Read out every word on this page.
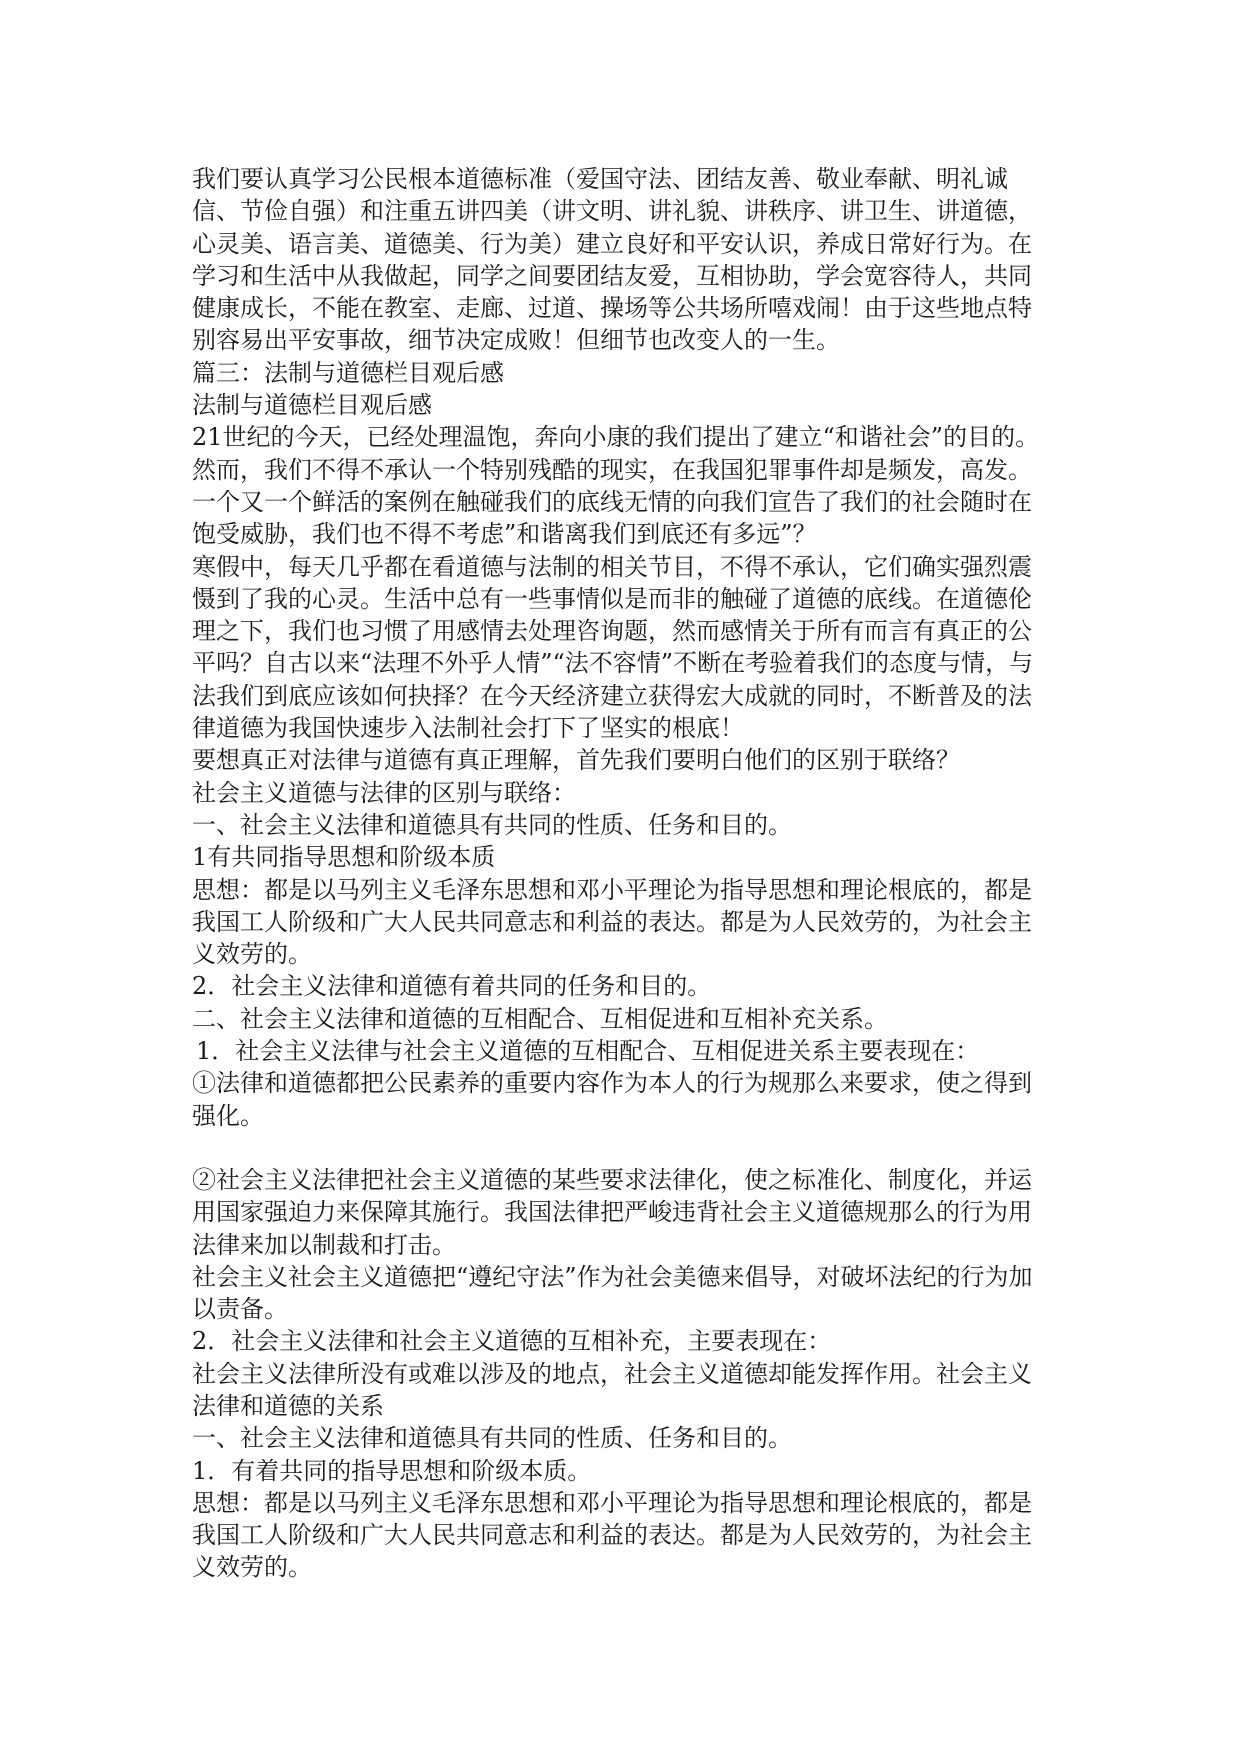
我们要认真学习公民根本道德标准（爱国守法、团结友善、敬业奉献、明礼诚信、节俭自强）和注重五讲四美（讲文明、讲礼貌、讲秩序、讲卫生、讲道德，心灵美、语言美、道德美、行为美）建立良好和平安认识，养成日常好行为。在学习和生活中从我做起，同学之间要团结友爱，互相协助，学会宽容待人，共同健康成长，不能在教室、走廊、过道、操场等公共场所嘻戏闹！由于这些地点特别容易出平安事故，细节决定成败！但细节也改变人的一生。

篇三：法制与道德栏目观后感

法制与道德栏目观后感

21世纪的今天，已经处理温饱，奔向小康的我们提出了建立“和谐社会”的目的。然而，我们不得不承认一个特别残酷的现实，在我国犯罪事件却是频发，高发。一个又一个鲜活的案例在触碰我们的底线无情的向我们宣告了我们的社会随时在饱受威胁，我们也不得不考虑”和谐离我们到底还有多远”？

寒假中，每天几乎都在看道德与法制的相关节目，不得不承认，它们确实强烈震慑到了我的心灵。生活中总有一些事情似是而非的触碰了道德的底线。在道德伦理之下，我们也习惯了用感情去处理咨询题，然而感情关于所有而言有真正的公平吗？自古以来“法理不外乎人情”“法不容情”不断在考验着我们的态度与情，与法我们到底应该如何抉择？在今天经济建立获得宏大成就的同时，不断普及的法律道德为我国快速步入法制社会打下了坚实的根底！

要想真正对法律与道德有真正理解，首先我们要明白他们的区别于联络？

社会主义道德与法律的区别与联络：

一、社会主义法律和道德具有共同的性质、任务和目的。

1有共同指导思想和阶级本质

思想：都是以马列主义毛泽东思想和邓小平理论为指导思想和理论根底的，都是我国工人阶级和广大人民共同意志和利益的表达。都是为人民效劳的，为社会主义效劳的。

2．社会主义法律和道德有着共同的任务和目的。

二、社会主义法律和道德的互相配合、互相促进和互相补充关系。

1．社会主义法律与社会主义道德的互相配合、互相促进关系主要表现在：

①法律和道德都把公民素养的重要内容作为本人的行为规那么来要求，使之得到强化。

②社会主义法律把社会主义道德的某些要求法律化，使之标准化、制度化，并运用国家强迫力来保障其施行。我国法律把严峻违背社会主义道德规那么的行为用法律来加以制裁和打击。

社会主义社会主义道德把“遵纪守法”作为社会美德来倡导，对破坏法纪的行为加以责备。

2．社会主义法律和社会主义道德的互相补充，主要表现在：

社会主义法律所没有或难以涉及的地点，社会主义道德却能发挥作用。社会主义法律和道德的关系

一、社会主义法律和道德具有共同的性质、任务和目的。

1．有着共同的指导思想和阶级本质。

思想：都是以马列主义毛泽东思想和邓小平理论为指导思想和理论根底的，都是我国工人阶级和广大人民共同意志和利益的表达。都是为人民效劳的，为社会主义效劳的。
